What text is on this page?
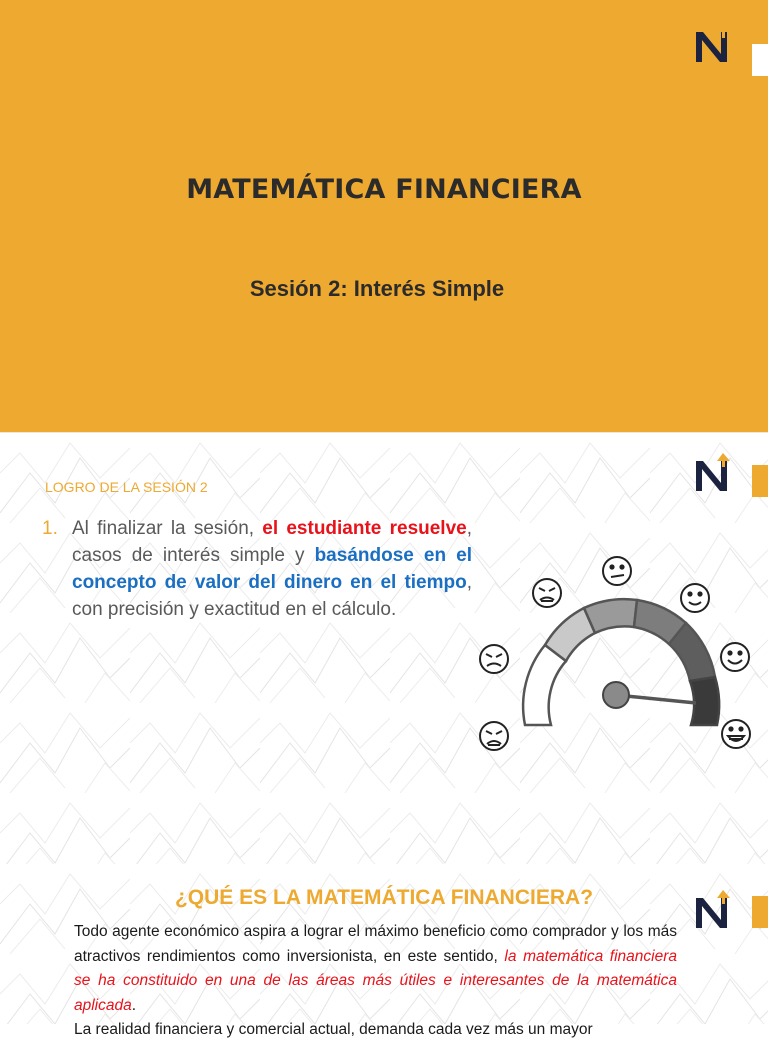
MATEMÁTICA FINANCIERA
Sesión 2: Interés Simple
LOGRO DE LA SESIÓN 2
1. Al finalizar la sesión, el estudiante resuelve, casos de interés simple y basándose en el concepto de valor del dinero en el tiempo, con precisión y exactitud en el cálculo.
¿QUÉ ES LA MATEMÁTICA FINANCIERA?
Todo agente económico aspira a lograr el máximo beneficio como comprador y los más atractivos rendimientos como inversionista, en este sentido, la matemática financiera se ha constituido en una de las áreas más útiles e interesantes de la matemática aplicada.
La realidad financiera y comercial actual, demanda cada vez más un mayor
